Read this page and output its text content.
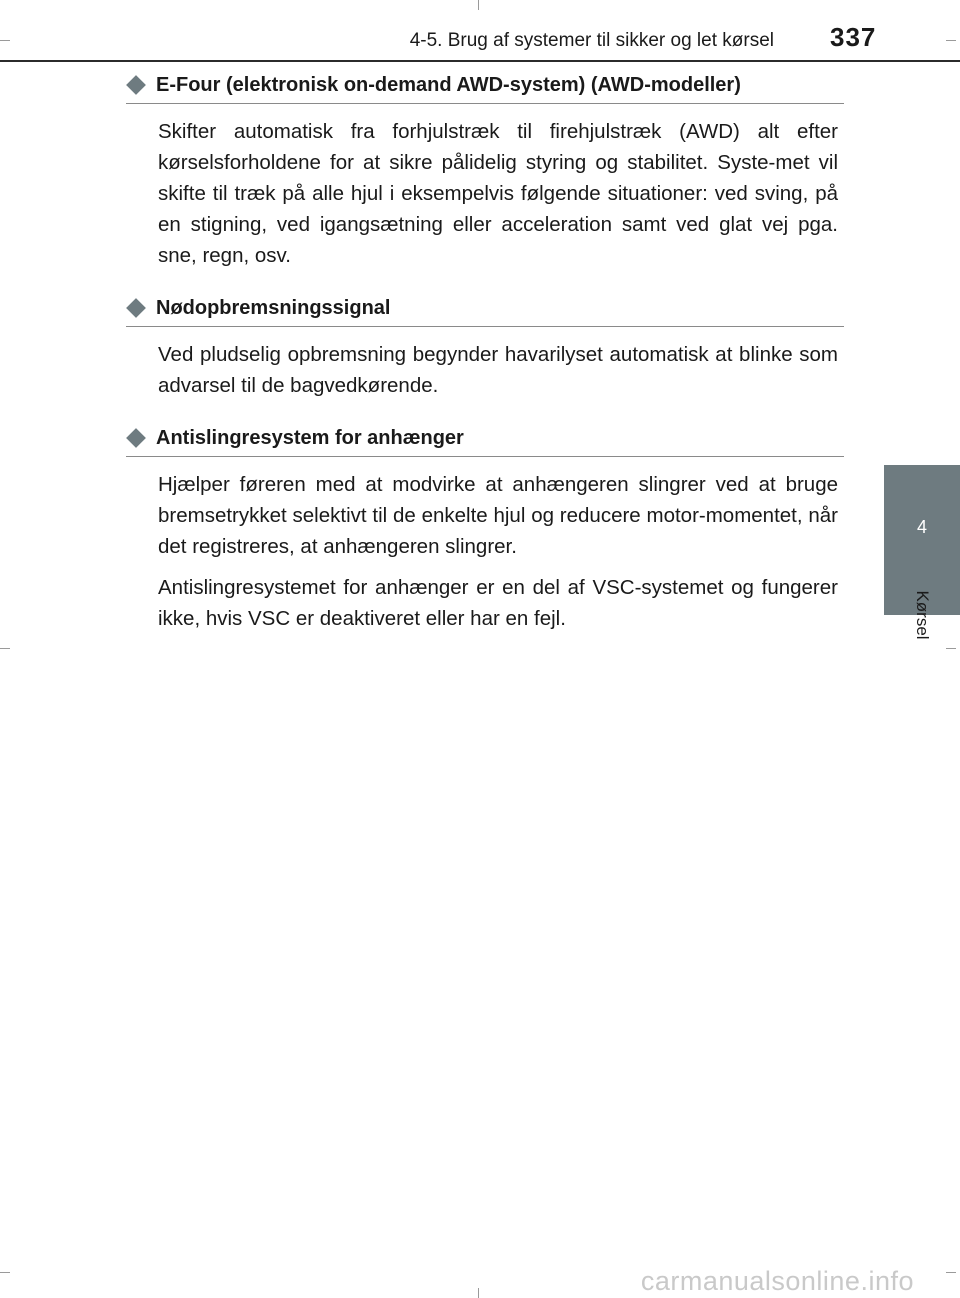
4-5. Brug af systemer til sikker og let kørsel 337
4
Kørsel
E-Four (elektronisk on-demand AWD-system) (AWD-modeller)

Skifter automatisk fra forhjulstræk til firehjulstræk (AWD) alt efter kørselsforholdene for at sikre pålidelig styring og stabilitet. Syste-met vil skifte til træk på alle hjul i eksempelvis følgende situationer: ved sving, på en stigning, ved igangsætning eller acceleration samt ved glat vej pga. sne, regn, osv.

Nødopbremsningssignal

Ved pludselig opbremsning begynder havarilyset automatisk at blinke som advarsel til de bagvedkørende.

Antislingresystem for anhænger

Hjælper føreren med at modvirke at anhængeren slingrer ved at bruge bremsetrykket selektivt til de enkelte hjul og reducere motor-momentet, når det registreres, at anhængeren slingrer.

Antislingresystemet for anhænger er en del af VSC-systemet og fungerer ikke, hvis VSC er deaktiveret eller har en fejl.

carmanualsonline.info
